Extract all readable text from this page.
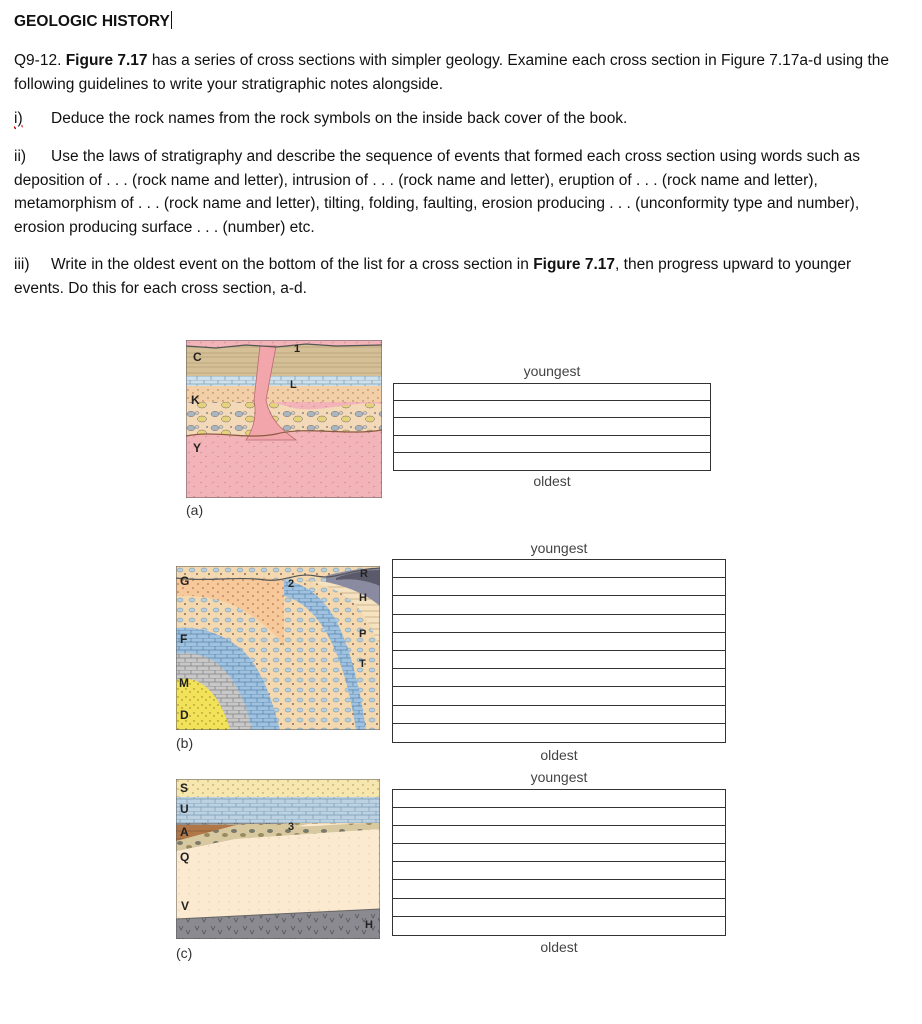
GEOLOGIC HISTORY
Q9-12. Figure 7.17 has a series of cross sections with simpler geology. Examine each cross section in Figure 7.17a-d using the following guidelines to write your stratigraphic notes alongside.
i) Deduce the rock names from the rock symbols on the inside back cover of the book.
ii) Use the laws of stratigraphy and describe the sequence of events that formed each cross section using words such as deposition of . . . (rock name and letter), intrusion of . . . (rock name and letter), eruption of . . . (rock name and letter), metamorphism of . . . (rock name and letter), tilting, folding, faulting, erosion producing . . . (unconformity type and number), erosion producing surface . . . (number) etc.
iii) Write in the oldest event on the bottom of the list for a cross section in Figure 7.17, then progress upward to younger events. Do this for each cross section, a-d.
C
K
Y
L
1
(a)
youngest
oldest
G
F
M
D
2
R
H
P
T
(b)
youngest
oldest
S
U
A
Q
V
3
H
(c)
youngest
oldest
